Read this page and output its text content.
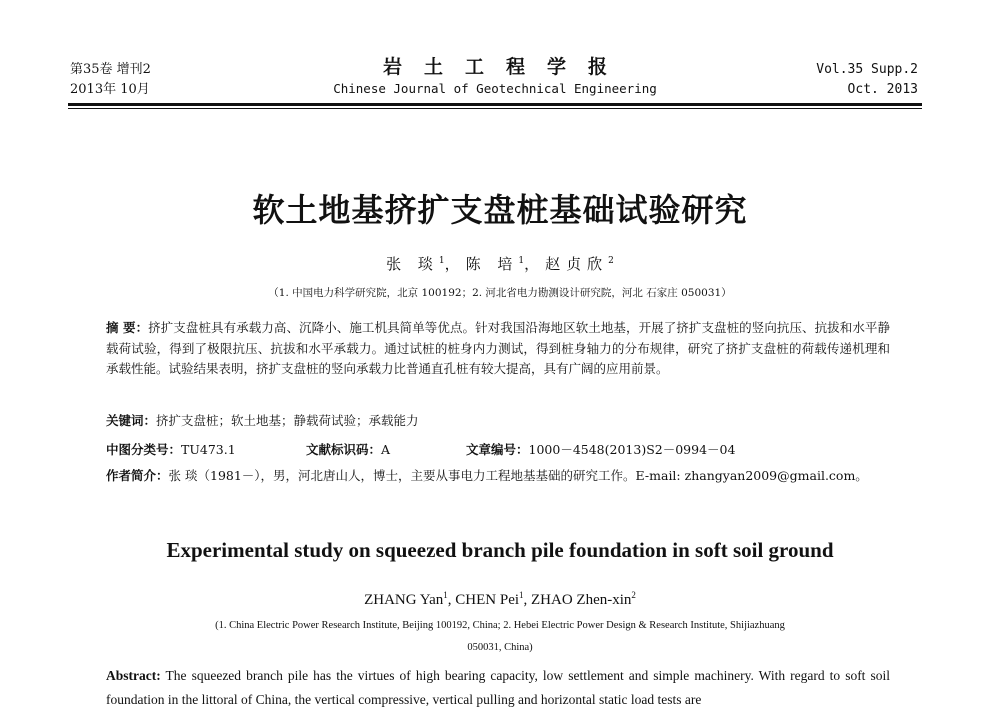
第35卷 增刊2
2013年 10月
岩土工程学报
Chinese Journal of Geotechnical Engineering
Vol.35 Supp.2
Oct. 2013
软土地基挤扩支盘桩基础试验研究
张 琰$^1$，陈 培$^1$，赵贞欣$^2$
（1. 中国电力科学研究院，北京 100192；2. 河北省电力勘测设计研究院，河北 石家庄 050031）
摘 要：挤扩支盘桩具有承载力高、沉降小、施工机具简单等优点。针对我国沿海地区软土地基，开展了挤扩支盘桩的竖向抗压、抗拔和水平静载荷试验，得到了极限抗压、抗拔和水平承载力。通过试桩的桩身内力测试，得到桩身轴力的分布规律，研究了挤扩支盘桩的荷载传递机理和承载性能。试验结果表明，挤扩支盘桩的竖向承载力比普通直孔桩有较大提高，具有广阔的应用前景。
关键词：挤扩支盘桩；软土地基；静载荷试验；承载能力
中图分类号：TU473.1	文献标识码：A	文章编号：1000－4548(2013)S2－0994－04
作者简介：张 琰（1981－），男，河北唐山人，博士，主要从事电力工程地基基础的研究工作。E-mail: zhangyan2009@gmail.com。
Experimental study on squeezed branch pile foundation in soft soil ground
ZHANG Yan$^1$, CHEN Pei$^1$, ZHAO Zhen-xin$^2$
(1. China Electric Power Research Institute, Beijing 100192, China; 2. Hebei Electric Power Design & Research Institute, Shijiazhuang
050031, China)
Abstract: The squeezed branch pile has the virtues of high bearing capacity, low settlement and simple machinery. With regard to soft soil foundation in the littoral of China, the vertical compressive, vertical pulling and horizontal static load tests are
